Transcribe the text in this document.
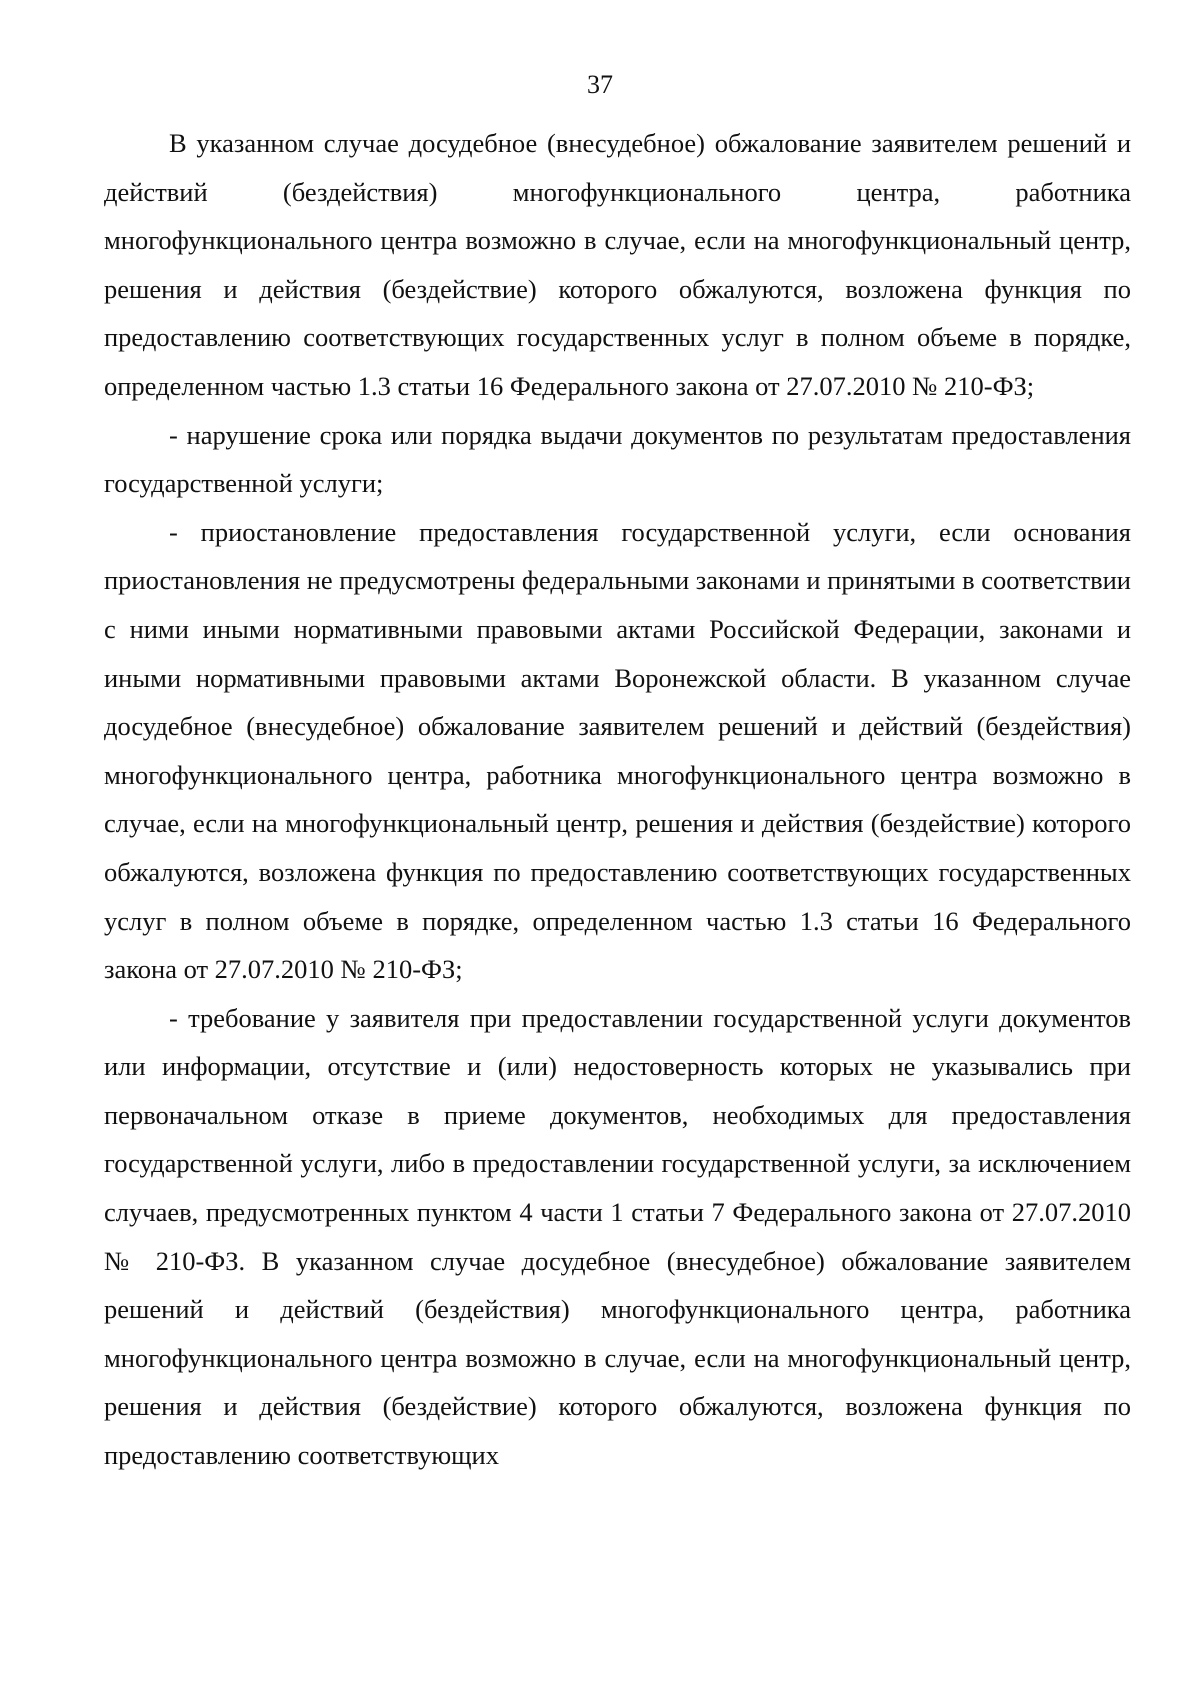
37

В указанном случае досудебное (внесудебное) обжалование заявителем решений и действий (бездействия) многофункционального центра, работника многофункционального центра возможно в случае, если на многофункциональный центр, решения и действия (бездействие) которого обжалуются, возложена функция по предоставлению соответствующих государственных услуг в полном объеме в порядке, определенном частью 1.3 статьи 16 Федерального закона от 27.07.2010 № 210-ФЗ;

- нарушение срока или порядка выдачи документов по результатам предоставления государственной услуги;

- приостановление предоставления государственной услуги, если основания приостановления не предусмотрены федеральными законами и принятыми в соответствии с ними иными нормативными правовыми актами Российской Федерации, законами и иными нормативными правовыми актами Воронежской области. В указанном случае досудебное (внесудебное) обжалование заявителем решений и действий (бездействия) многофункционального центра, работника многофункционального центра возможно в случае, если на многофункциональный центр, решения и действия (бездействие) которого обжалуются, возложена функция по предоставлению соответствующих государственных услуг в полном объеме в порядке, определенном частью 1.3 статьи 16 Федерального закона от 27.07.2010 № 210-ФЗ;

- требование у заявителя при предоставлении государственной услуги документов или информации, отсутствие и (или) недостоверность которых не указывались при первоначальном отказе в приеме документов, необходимых для предоставления государственной услуги, либо в предоставлении государственной услуги, за исключением случаев, предусмотренных пунктом 4 части 1 статьи 7 Федерального закона от 27.07.2010 № 210-ФЗ. В указанном случае досудебное (внесудебное) обжалование заявителем решений и действий (бездействия) многофункционального центра, работника многофункционального центра возможно в случае, если на многофункциональный центр, решения и действия (бездействие) которого обжалуются, возложена функция по предоставлению соответствующих
